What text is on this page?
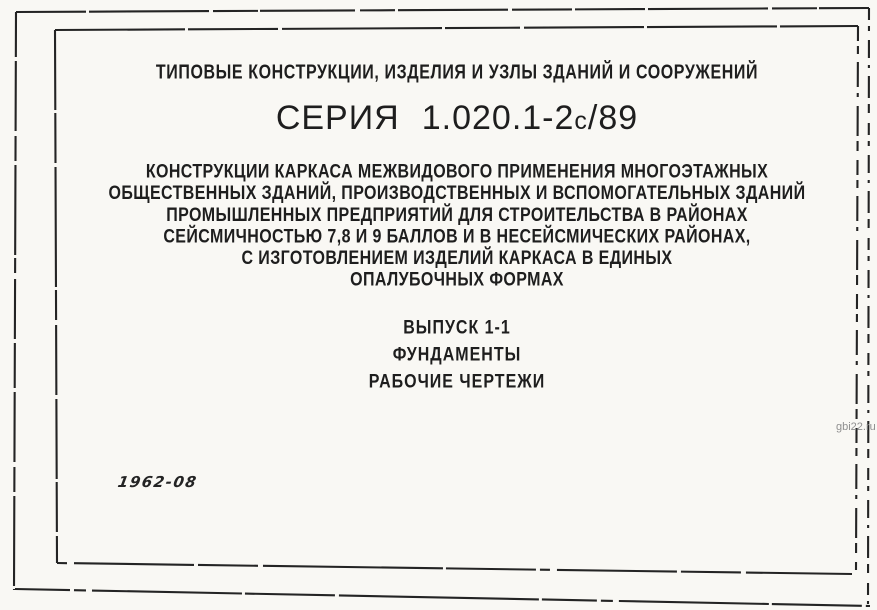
ТИПОВЫЕ КОНСТРУКЦИИ, ИЗДЕЛИЯ И УЗЛЫ ЗДАНИЙ И СООРУЖЕНИЙ
СЕРИЯ 1.020.1-2с/89
КОНСТРУКЦИИ КАРКАСА МЕЖВИДОВОГО ПРИМЕНЕНИЯ МНОГОЭТАЖНЫХ
ОБЩЕСТВЕННЫХ ЗДАНИЙ, ПРОИЗВОДСТВЕННЫХ И ВСПОМОГАТЕЛЬНЫХ ЗДАНИЙ
ПРОМЫШЛЕННЫХ ПРЕДПРИЯТИЙ ДЛЯ СТРОИТЕЛЬСТВА В РАЙОНАХ
СЕЙСМИЧНОСТЬЮ 7,8 И 9 БАЛЛОВ И В НЕСЕЙСМИЧЕСКИХ РАЙОНАХ,
С ИЗГОТОВЛЕНИЕМ ИЗДЕЛИЙ КАРКАСА В ЕДИНЫХ
ОПАЛУБОЧНЫХ ФОРМАХ
ВЫПУСК 1-1
ФУНДАМЕНТЫ
РАБОЧИЕ ЧЕРТЕЖИ
1962-08
gbi22.ru
